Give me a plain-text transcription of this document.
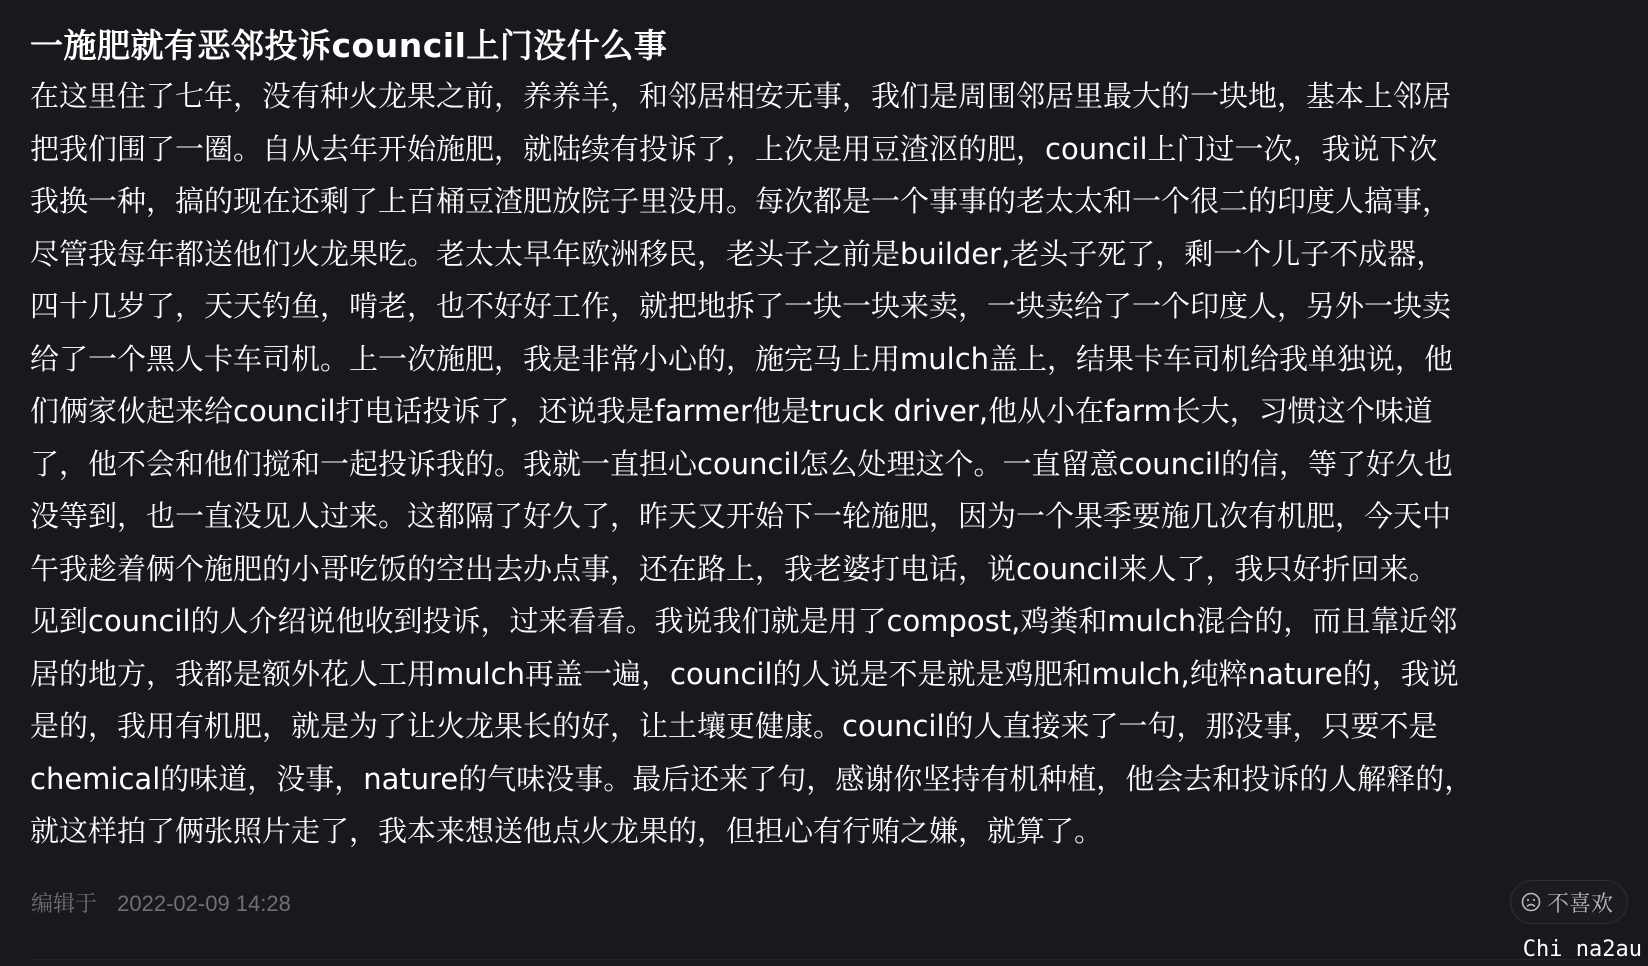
一施肥就有恶邻投诉council上门没什么事
在这里住了七年，没有种火龙果之前，养养羊，和邻居相安无事，我们是周围邻居里最大的一块地，基本上邻居
把我们围了一圈。自从去年开始施肥，就陆续有投诉了，上次是用豆渣沤的肥，council上门过一次，我说下次
我换一种，搞的现在还剩了上百桶豆渣肥放院子里没用。每次都是一个事事的老太太和一个很二的印度人搞事，
尽管我每年都送他们火龙果吃。老太太早年欧洲移民，老头子之前是builder,老头子死了，剩一个儿子不成器，
四十几岁了，天天钓鱼，啃老，也不好好工作，就把地拆了一块一块来卖，一块卖给了一个印度人，另外一块卖
给了一个黑人卡车司机。上一次施肥，我是非常小心的，施完马上用mulch盖上，结果卡车司机给我单独说，他
们俩家伙起来给council打电话投诉了，还说我是farmer他是truck driver,他从小在farm长大，习惯这个味道
了，他不会和他们搅和一起投诉我的。我就一直担心council怎么处理这个。一直留意council的信，等了好久也
没等到，也一直没见人过来。这都隔了好久了，昨天又开始下一轮施肥，因为一个果季要施几次有机肥，今天中
午我趁着俩个施肥的小哥吃饭的空出去办点事，还在路上，我老婆打电话，说council来人了，我只好折回来。
见到council的人介绍说他收到投诉，过来看看。我说我们就是用了compost,鸡粪和mulch混合的，而且靠近邻
居的地方，我都是额外花人工用mulch再盖一遍，council的人说是不是就是鸡肥和mulch,纯粹nature的，我说
是的，我用有机肥，就是为了让火龙果长的好，让土壤更健康。council的人直接来了一句，那没事，只要不是
chemical的味道，没事，nature的气味没事。最后还来了句，感谢你坚持有机种植，他会去和投诉的人解释的，
就这样拍了俩张照片走了，我本来想送他点火龙果的，但担心有行贿之嫌，就算了。
编辑于 2022-02-09 14:28	不喜欢
Chi na2au
